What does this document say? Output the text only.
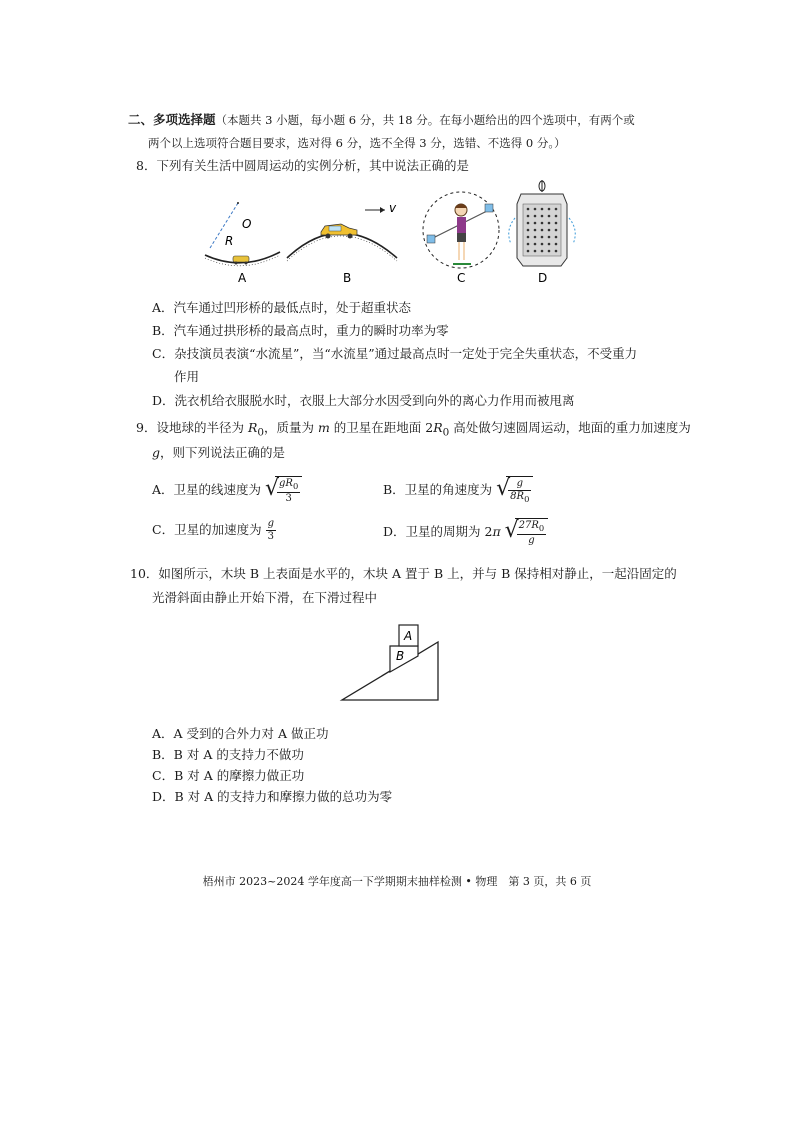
二、多项选择题（本题共 3 小题，每小题 6 分，共 18 分。在每小题给出的四个选项中，有两个或
两个以上选项符合题目要求，选对得 6 分，选不全得 3 分，选错、不选得 0 分。）
8．下列有关生活中圆周运动的实例分析，其中说法正确的是
O
R
A
v
B	C	D
A．汽车通过凹形桥的最低点时，处于超重状态
B．汽车通过拱形桥的最高点时，重力的瞬时功率为零
C．杂技演员表演“水流星”，当“水流星”通过最高点时一定处于完全失重状态，不受重力
作用
D．洗衣机给衣服脱水时，衣服上大部分水因受到向外的离心力作用而被甩离
9．设地球的半径为 $R_0$，质量为 m 的卫星在距地面 $2R_0$ 高处做匀速圆周运动，地面的重力加速度为
g，则下列说法正确的是
A．卫星的线速度为 √
$\frac{gR_0}{3}$	B．卫星的角速度为 √
$\frac{g}{8R_0}$
C．卫星的加速度为 $\frac{g}{3}$	D．卫星的周期为 2π √
$\frac{27R_0}{g}$
10．如图所示，木块 B 上表面是水平的，木块 A 置于 B 上，并与 B 保持相对静止，一起沿固定的
光滑斜面由静止开始下滑，在下滑过程中
A
B
A．A 受到的合外力对 A 做正功
B．B 对 A 的支持力不做功
C．B 对 A 的摩擦力做正功
D．B 对 A 的支持力和摩擦力做的总功为零
梧州市 2023~2024 学年度高一下学期期末抽样检测 • 物理　第 3 页，共 6 页
